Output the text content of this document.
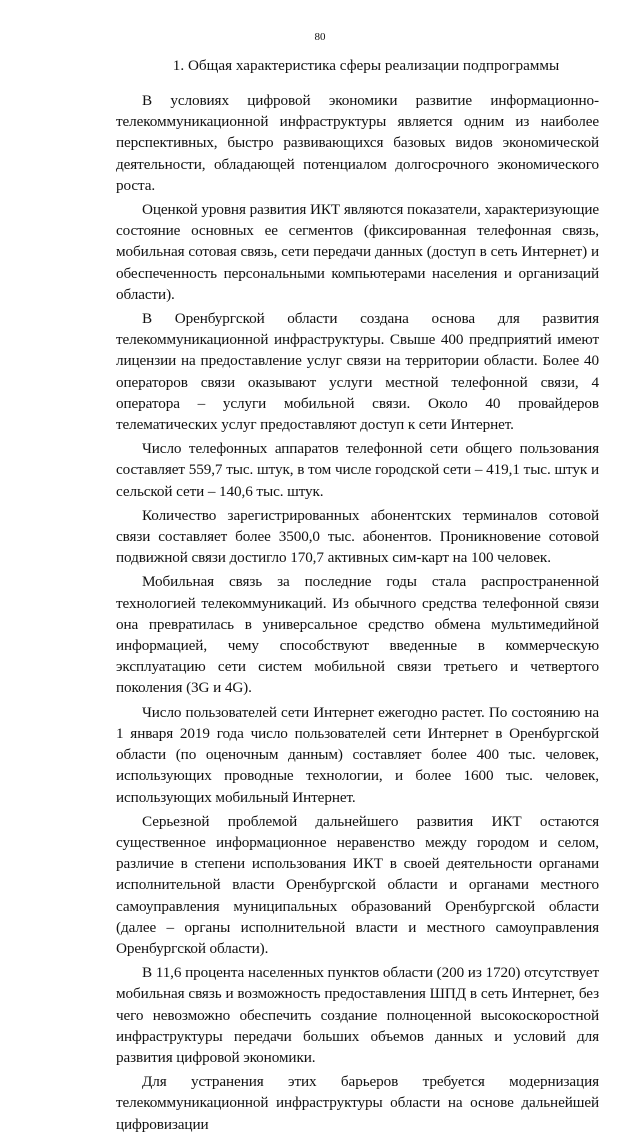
80
1. Общая характеристика сферы реализации подпрограммы

В условиях цифровой экономики развитие информационно-телекоммуникационной инфраструктуры является одним из наиболее перспективных, быстро развивающихся базовых видов экономической деятельности, обладающей потенциалом долгосрочного экономического роста.

Оценкой уровня развития ИКТ являются показатели, характеризующие состояние основных ее сегментов (фиксированная телефонная связь, мобильная сотовая связь, сети передачи данных (доступ в сеть Интернет) и обеспеченность персональными компьютерами населения и организаций области).

В Оренбургской области создана основа для развития телекоммуникационной инфраструктуры. Свыше 400 предприятий имеют лицензии на предоставление услуг связи на территории области. Более 40 операторов связи оказывают услуги местной телефонной связи, 4 оператора – услуги мобильной связи. Около 40 провайдеров телематических услуг предоставляют доступ к сети Интернет.

Число телефонных аппаратов телефонной сети общего пользования составляет 559,7 тыс. штук, в том числе городской сети – 419,1 тыс. штук и сельской сети – 140,6 тыс. штук.

Количество зарегистрированных абонентских терминалов сотовой связи составляет более 3500,0 тыс. абонентов. Проникновение сотовой подвижной связи достигло 170,7 активных сим-карт на 100 человек.

Мобильная связь за последние годы стала распространенной технологией телекоммуникаций. Из обычного средства телефонной связи она превратилась в универсальное средство обмена мультимедийной информацией, чему способствуют введенные в коммерческую эксплуатацию сети систем мобильной связи третьего и четвертого поколения (3G и 4G).

Число пользователей сети Интернет ежегодно растет. По состоянию на 1 января 2019 года число пользователей сети Интернет в Оренбургской области (по оценочным данным) составляет более 400 тыс. человек, использующих проводные технологии, и более 1600 тыс. человек, использующих мобильный Интернет.

Серьезной проблемой дальнейшего развития ИКТ остаются существенное информационное неравенство между городом и селом, различие в степени использования ИКТ в своей деятельности органами исполнительной власти Оренбургской области и органами местного самоуправления муниципальных образований Оренбургской области (далее – органы исполнительной власти и местного самоуправления Оренбургской области).

В 11,6 процента населенных пунктов области (200 из 1720) отсутствует мобильная связь и возможность предоставления ШПД в сеть Интернет, без чего невозможно обеспечить создание полноценной высокоскоростной инфраструктуры передачи больших объемов данных и условий для развития цифровой экономики.

Для устранения этих барьеров требуется модернизация телекоммуникационной инфраструктуры области на основе дальнейшей цифровизации
